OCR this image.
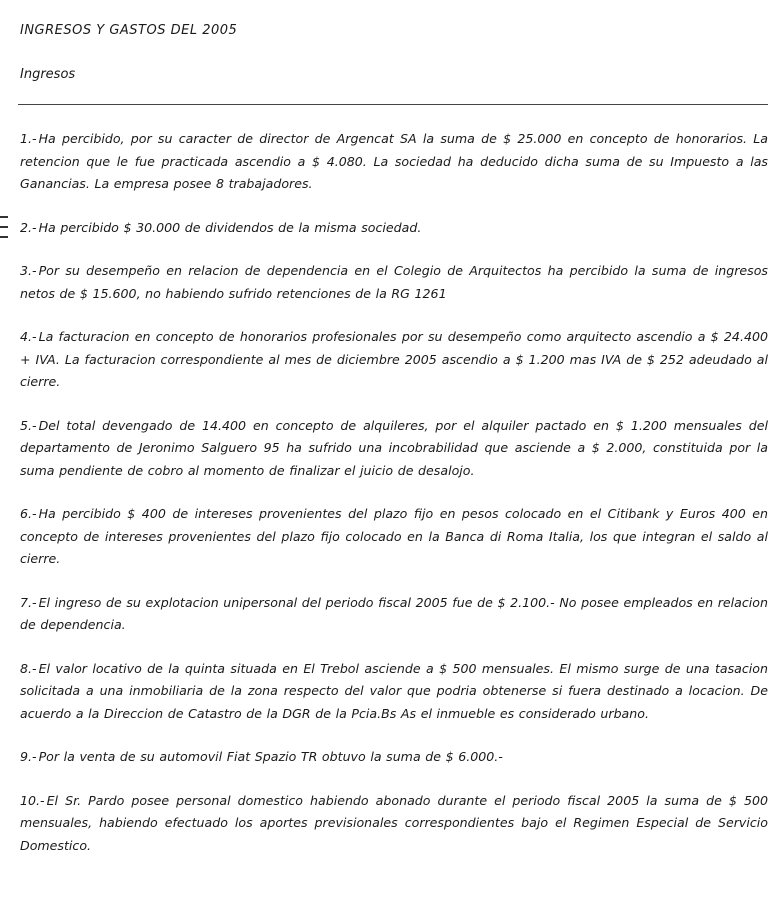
INGRESOS Y GASTOS DEL 2005
Ingresos

1.- Ha percibido, por su caracter de director de Argencat SA la suma de $ 25.000 en concepto de honorarios. La retencion que le fue practicada ascendio a $ 4.080. La sociedad ha deducido dicha suma de su Impuesto a las Ganancias. La empresa posee 8 trabajadores.

2.- Ha percibido $ 30.000 de dividendos de la misma sociedad.

3.- Por su desempeño en relacion de dependencia en el Colegio de Arquitectos ha percibido la suma de ingresos netos de $ 15.600, no habiendo sufrido retenciones de la RG 1261

4.- La facturacion en concepto de honorarios profesionales por su desempeño como arquitecto ascendio a $ 24.400 + IVA. La facturacion correspondiente al mes de diciembre 2005 ascendio a $ 1.200 mas IVA de $ 252 adeudado al cierre.

5.- Del total devengado de 14.400 en concepto de alquileres, por el alquiler pactado en $ 1.200 mensuales del departamento de Jeronimo Salguero 95 ha sufrido una incobrabilidad que asciende a $ 2.000, constituida por la suma pendiente de cobro al momento de finalizar el juicio de desalojo.

6.- Ha percibido $ 400 de intereses provenientes del plazo fijo en pesos colocado en el Citibank y Euros 400 en concepto de intereses provenientes del plazo fijo colocado en la Banca di Roma Italia, los que integran el saldo al cierre.

7.- El ingreso de su explotacion unipersonal del periodo fiscal 2005 fue de $ 2.100.- No posee empleados en relacion de dependencia.

8.- El valor locativo de la quinta situada en El Trebol asciende a $ 500 mensuales. El mismo surge de una tasacion solicitada a una inmobiliaria de la zona respecto del valor que podria obtenerse si fuera destinado a locacion. De acuerdo a la Direccion de Catastro de la DGR de la Pcia.Bs As el inmueble es considerado urbano.

9.- Por la venta de su automovil Fiat Spazio TR obtuvo la suma de $ 6.000.-

10.- El Sr. Pardo posee personal domestico habiendo abonado durante el periodo fiscal 2005 la suma de $ 500 mensuales, habiendo efectuado los aportes previsionales correspondientes bajo el Regimen Especial de Servicio Domestico.
